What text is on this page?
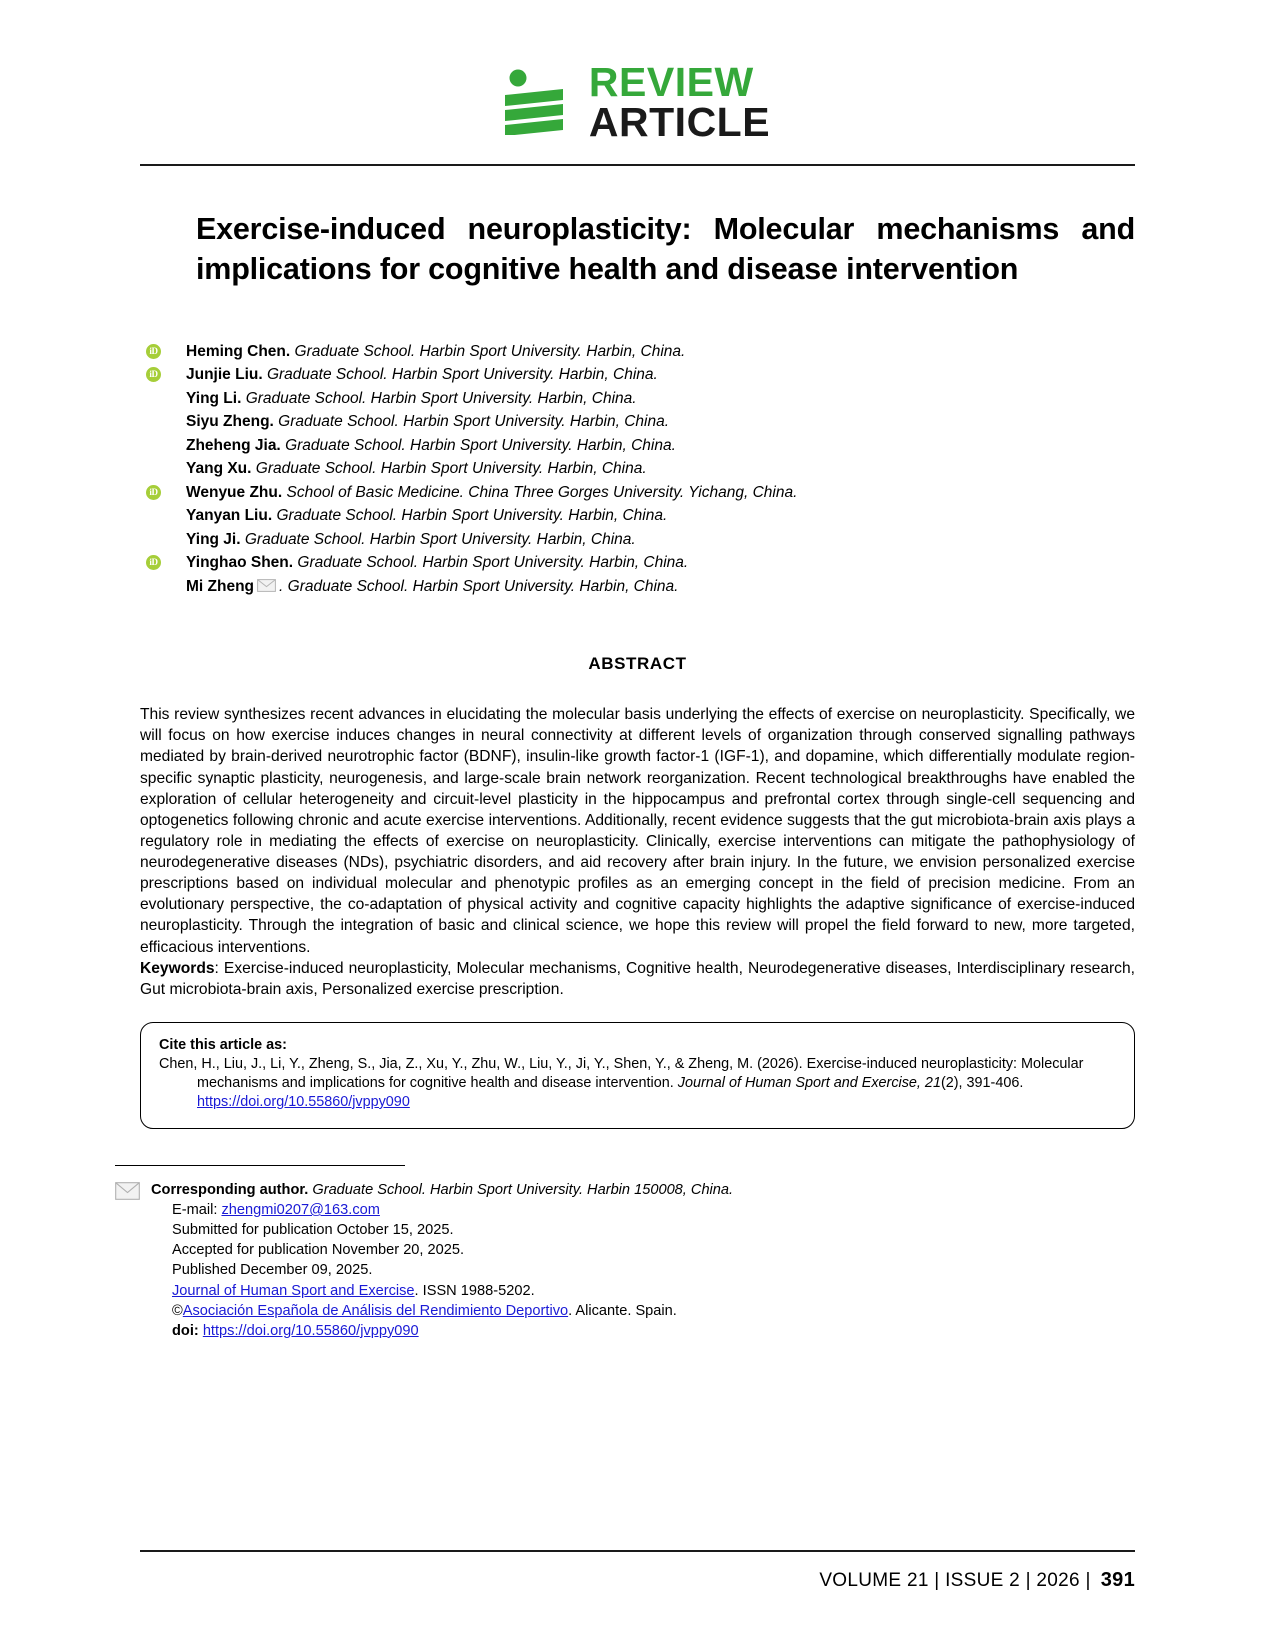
REVIEW
ARTICLE
Exercise-induced neuroplasticity: Molecular mechanisms and implications for cognitive health and disease intervention
iD Heming Chen. Graduate School. Harbin Sport University. Harbin, China.
iD Junjie Liu. Graduate School. Harbin Sport University. Harbin, China.
Ying Li. Graduate School. Harbin Sport University. Harbin, China.
Siyu Zheng. Graduate School. Harbin Sport University. Harbin, China.
Zheheng Jia. Graduate School. Harbin Sport University. Harbin, China.
Yang Xu. Graduate School. Harbin Sport University. Harbin, China.
iD Wenyue Zhu. School of Basic Medicine. China Three Gorges University. Yichang, China.
Yanyan Liu. Graduate School. Harbin Sport University. Harbin, China.
Ying Ji. Graduate School. Harbin Sport University. Harbin, China.
iD Yinghao Shen. Graduate School. Harbin Sport University. Harbin, China.
Mi Zheng . Graduate School. Harbin Sport University. Harbin, China.
ABSTRACT

This review synthesizes recent advances in elucidating the molecular basis underlying the effects of exercise on neuroplasticity. Specifically, we will focus on how exercise induces changes in neural connectivity at different levels of organization through conserved signalling pathways mediated by brain-derived neurotrophic factor (BDNF), insulin-like growth factor-1 (IGF-1), and dopamine, which differentially modulate region-specific synaptic plasticity, neurogenesis, and large-scale brain network reorganization. Recent technological breakthroughs have enabled the exploration of cellular heterogeneity and circuit-level plasticity in the hippocampus and prefrontal cortex through single-cell sequencing and optogenetics following chronic and acute exercise interventions. Additionally, recent evidence suggests that the gut microbiota-brain axis plays a regulatory role in mediating the effects of exercise on neuroplasticity. Clinically, exercise interventions can mitigate the pathophysiology of neurodegenerative diseases (NDs), psychiatric disorders, and aid recovery after brain injury. In the future, we envision personalized exercise prescriptions based on individual molecular and phenotypic profiles as an emerging concept in the field of precision medicine. From an evolutionary perspective, the co-adaptation of physical activity and cognitive capacity highlights the adaptive significance of exercise-induced neuroplasticity. Through the integration of basic and clinical science, we hope this review will propel the field forward to new, more targeted, efficacious interventions.

Keywords: Exercise-induced neuroplasticity, Molecular mechanisms, Cognitive health, Neurodegenerative diseases, Interdisciplinary research, Gut microbiota-brain axis, Personalized exercise prescription.
Cite this article as:
Chen, H., Liu, J., Li, Y., Zheng, S., Jia, Z., Xu, Y., Zhu, W., Liu, Y., Ji, Y., Shen, Y., & Zheng, M. (2026). Exercise-induced neuroplasticity: Molecular mechanisms and implications for cognitive health and disease intervention. Journal of Human Sport and Exercise, 21(2), 391-406. https://doi.org/10.55860/jvppy090
Corresponding author. Graduate School. Harbin Sport University. Harbin 150008, China.
E-mail: zhengmi0207@163.com
Submitted for publication October 15, 2025.
Accepted for publication November 20, 2025.
Published December 09, 2025.
Journal of Human Sport and Exercise. ISSN 1988-5202.
©Asociación Española de Análisis del Rendimiento Deportivo. Alicante. Spain.
doi: https://doi.org/10.55860/jvppy090
VOLUME 21 | ISSUE 2 | 2026 | 391
